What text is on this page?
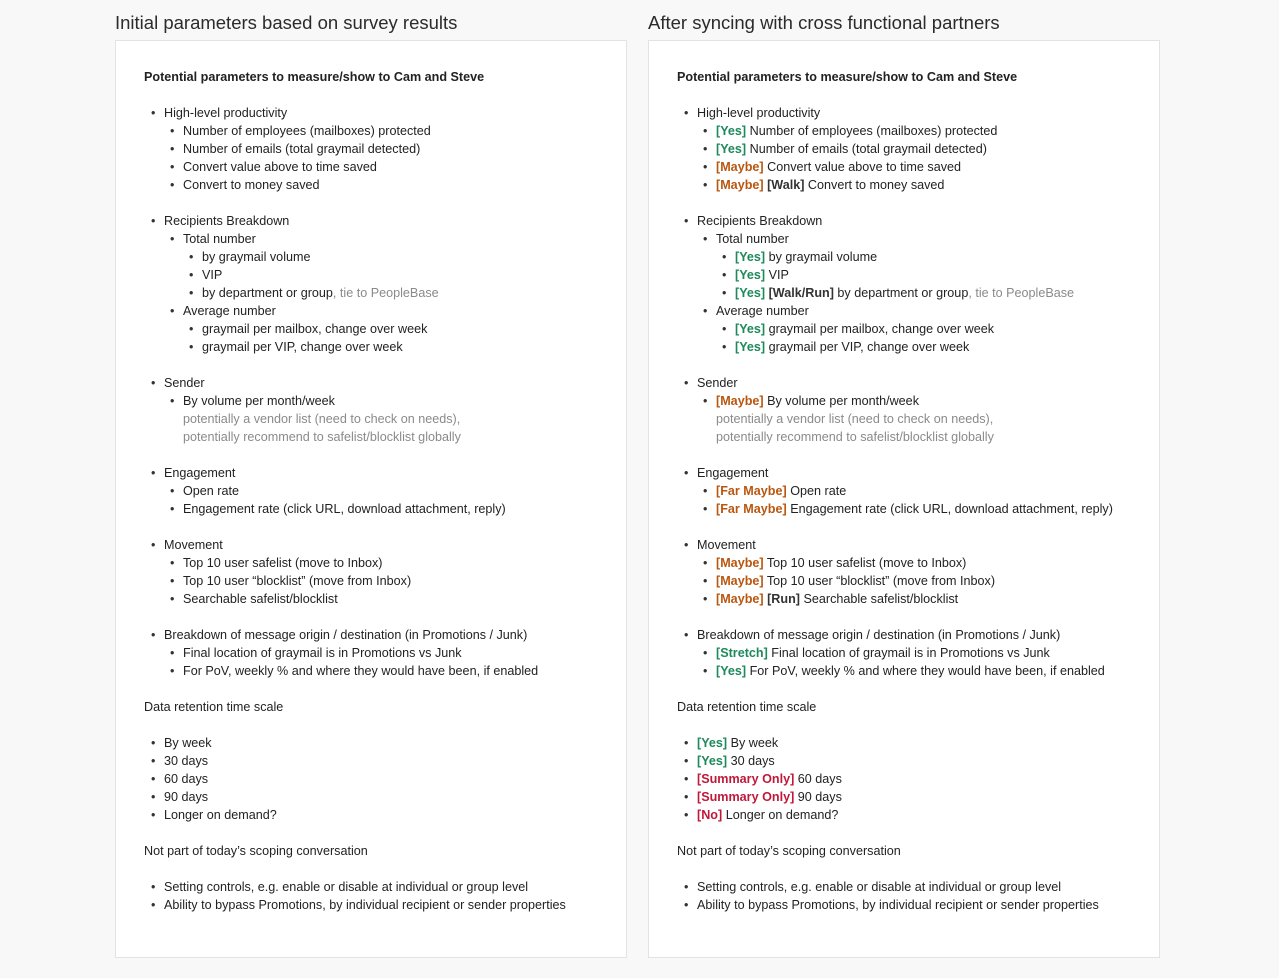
Initial parameters based on survey results
Potential parameters to measure/show to Cam and Steve
• High-level productivity
• Number of employees (mailboxes) protected
• Number of emails (total graymail detected)
• Convert value above to time saved
• Convert to money saved
• Recipients Breakdown
• Total number
• by graymail volume
• VIP
• by department or group, tie to PeopleBase
• Average number
• graymail per mailbox, change over week
• graymail per VIP, change over week
• Sender
• By volume per month/week
potentially a vendor list (need to check on needs),
potentially recommend to safelist/blocklist globally
• Engagement
• Open rate
• Engagement rate (click URL, download attachment, reply)
• Movement
• Top 10 user safelist (move to Inbox)
• Top 10 user “blocklist” (move from Inbox)
• Searchable safelist/blocklist
• Breakdown of message origin / destination (in Promotions / Junk)
• Final location of graymail is in Promotions vs Junk
• For PoV, weekly % and where they would have been, if enabled
Data retention time scale
• By week
• 30 days
• 60 days
• 90 days
• Longer on demand?
Not part of today’s scoping conversation
• Setting controls, e.g. enable or disable at individual or group level
• Ability to bypass Promotions, by individual recipient or sender properties
After syncing with cross functional partners
Potential parameters to measure/show to Cam and Steve
• High-level productivity
• [Yes] Number of employees (mailboxes) protected
• [Yes] Number of emails (total graymail detected)
• [Maybe] Convert value above to time saved
• [Maybe] [Walk] Convert to money saved
• Recipients Breakdown
• Total number
• [Yes] by graymail volume
• [Yes] VIP
• [Yes] [Walk/Run] by department or group, tie to PeopleBase
• Average number
• [Yes] graymail per mailbox, change over week
• [Yes] graymail per VIP, change over week
• Sender
• [Maybe] By volume per month/week
potentially a vendor list (need to check on needs),
potentially recommend to safelist/blocklist globally
• Engagement
• [Far Maybe] Open rate
• [Far Maybe] Engagement rate (click URL, download attachment, reply)
• Movement
• [Maybe] Top 10 user safelist (move to Inbox)
• [Maybe] Top 10 user “blocklist” (move from Inbox)
• [Maybe] [Run] Searchable safelist/blocklist
• Breakdown of message origin / destination (in Promotions / Junk)
• [Stretch] Final location of graymail is in Promotions vs Junk
• [Yes] For PoV, weekly % and where they would have been, if enabled
Data retention time scale
• [Yes] By week
• [Yes] 30 days
• [Summary Only] 60 days
• [Summary Only] 90 days
• [No] Longer on demand?
Not part of today’s scoping conversation
• Setting controls, e.g. enable or disable at individual or group level
• Ability to bypass Promotions, by individual recipient or sender properties
